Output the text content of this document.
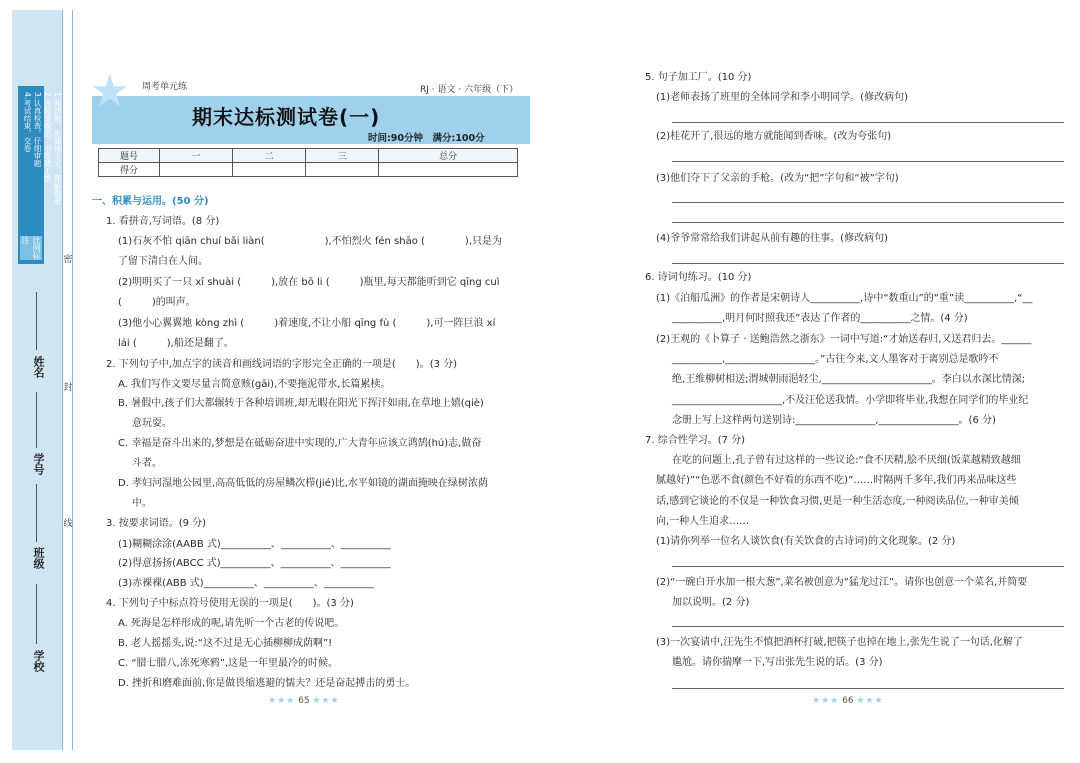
1.阅读题，先通读全文，理解题意
2.答题要规范，书写要工整
3.认真检查，仔细审题
4.考试结束，交卷
比例标注
密
封
线
姓名
学号
班级
学校
★ 周考单元练	RJ · 语文 · 六年级（下）
期末达标测试卷(一)
时间:90分钟　满分:100分
题号	一	二	三	总分
得分				
一、积累与运用。(50 分)
1. 看拼音,写词语。(8 分)
(1)石灰不怕 qiān chuí bǎi liàn(　　　　　　),不怕烈火 fén shāo (　　　　),只是为
了留下清白在人间。
(2)明明买了一只 xī shuài (　　　),放在 bō li (　　　)瓶里,每天都能听到它 qīng cuì
(　　　)的叫声。
(3)他小心翼翼地 kòng zhì (　　　)着速度,不让小船 qīng fù (　　　),可一阵巨浪 xí
lái (　　　),船还是翻了。
2. 下列句子中,加点字的读音和画线词语的字形完全正确的一项是(　　)。(3 分)
A. 我们写作文要尽量言简意赅(gāi),不要拖泥带水,长篇累椟。
B. 暑假中,孩子们大都辗转于各种培训班,却无暇在阳光下挥汗如雨,在草地上嬉(qiè)
意玩耍。
C. 幸福是奋斗出来的,梦想是在砥砺奋进中实现的,广大青年应该立鸿鹄(hú)志,做奋
斗者。
D. 孝妇河湿地公园里,高高低低的房屋鳞次栉(jié)比,水平如镜的湖面掩映在绿树浓荫
中。
3. 按要求词语。(9 分)
(1)糊糊涂涂(AABB 式)__________、__________、__________
(2)得意扬扬(ABCC 式)__________、__________、__________
(3)赤裸裸(ABB 式)__________、__________、__________
4. 下列句子中标点符号使用无误的一项是(　　)。(3 分)
A. 死海是怎样形成的呢,请先听一个古老的传说吧。
B. 老人摇摇头,说:“这不过是无心插柳柳成荫啊”!
C. “腊七腊八,冻死寒鸦”,这是一年里最冷的时候。
D. 挫折和磨难面前,你是做畏缩逃避的懦夫？还是奋起搏击的勇士。
★★★ 65 ★★★
5. 句子加工厂。(10 分)
(1)老师表扬了班里的全体同学和李小明同学。(修改病句)
(2)桂花开了,很远的地方就能闻到香味。(改为夸张句)
(3)他们夺下了父亲的手枪。(改为“把”字句和“被”字句)
(4)爷爷常常给我们讲起从前有趣的往事。(修改病句)
6. 诗词句练习。(10 分)
(1)《泊船瓜洲》的作者是宋朝诗人__________,诗中“数重山”的“重”读__________,“__
__________,明月何时照我还”表达了作者的__________之情。(4 分)
(2)王观的《卜算子 · 送鲍浩然之浙东》一词中写道:“才始送春归,又送君归去。______
__________,__________________。”古往今来,文人墨客对于离别总是歌吟不
绝,王维柳树相送;渭城朝雨浥轻尘,______________________。李白以水深比情深;
______________________,不及汪伦送我情。小学即将毕业,我想在同学们的毕业纪
念册上写上这样两句送别诗:________________,________________。(6 分)
7. 综合性学习。(7 分)
在吃的问题上,孔子曾有过这样的一些议论:“食不厌精,脍不厌细(饭菜越精致越细
腻越好)”“色恶不食(颜色不好看的东西不吃)”……时隔两千多年,我们再来品味这些
话,感到它谈论的不仅是一种饮食习惯,更是一种生活态度,一种阅读品位,一种审美倾
向,一种人生追求……
(1)请你列举一位名人谈饮食(有关饮食的古诗词)的文化现象。(2 分)
(2)“一碗白开水加一根大葱”,菜名被创意为“猛龙过江”。请你也创意一个菜名,并简要
加以说明。(2 分)
(3)一次宴请中,汪先生不慎把酒杯打破,把筷子也掉在地上,张先生说了一句话,化解了
尴尬。请你揣摩一下,写出张先生说的话。(3 分)
★★★ 66 ★★★
